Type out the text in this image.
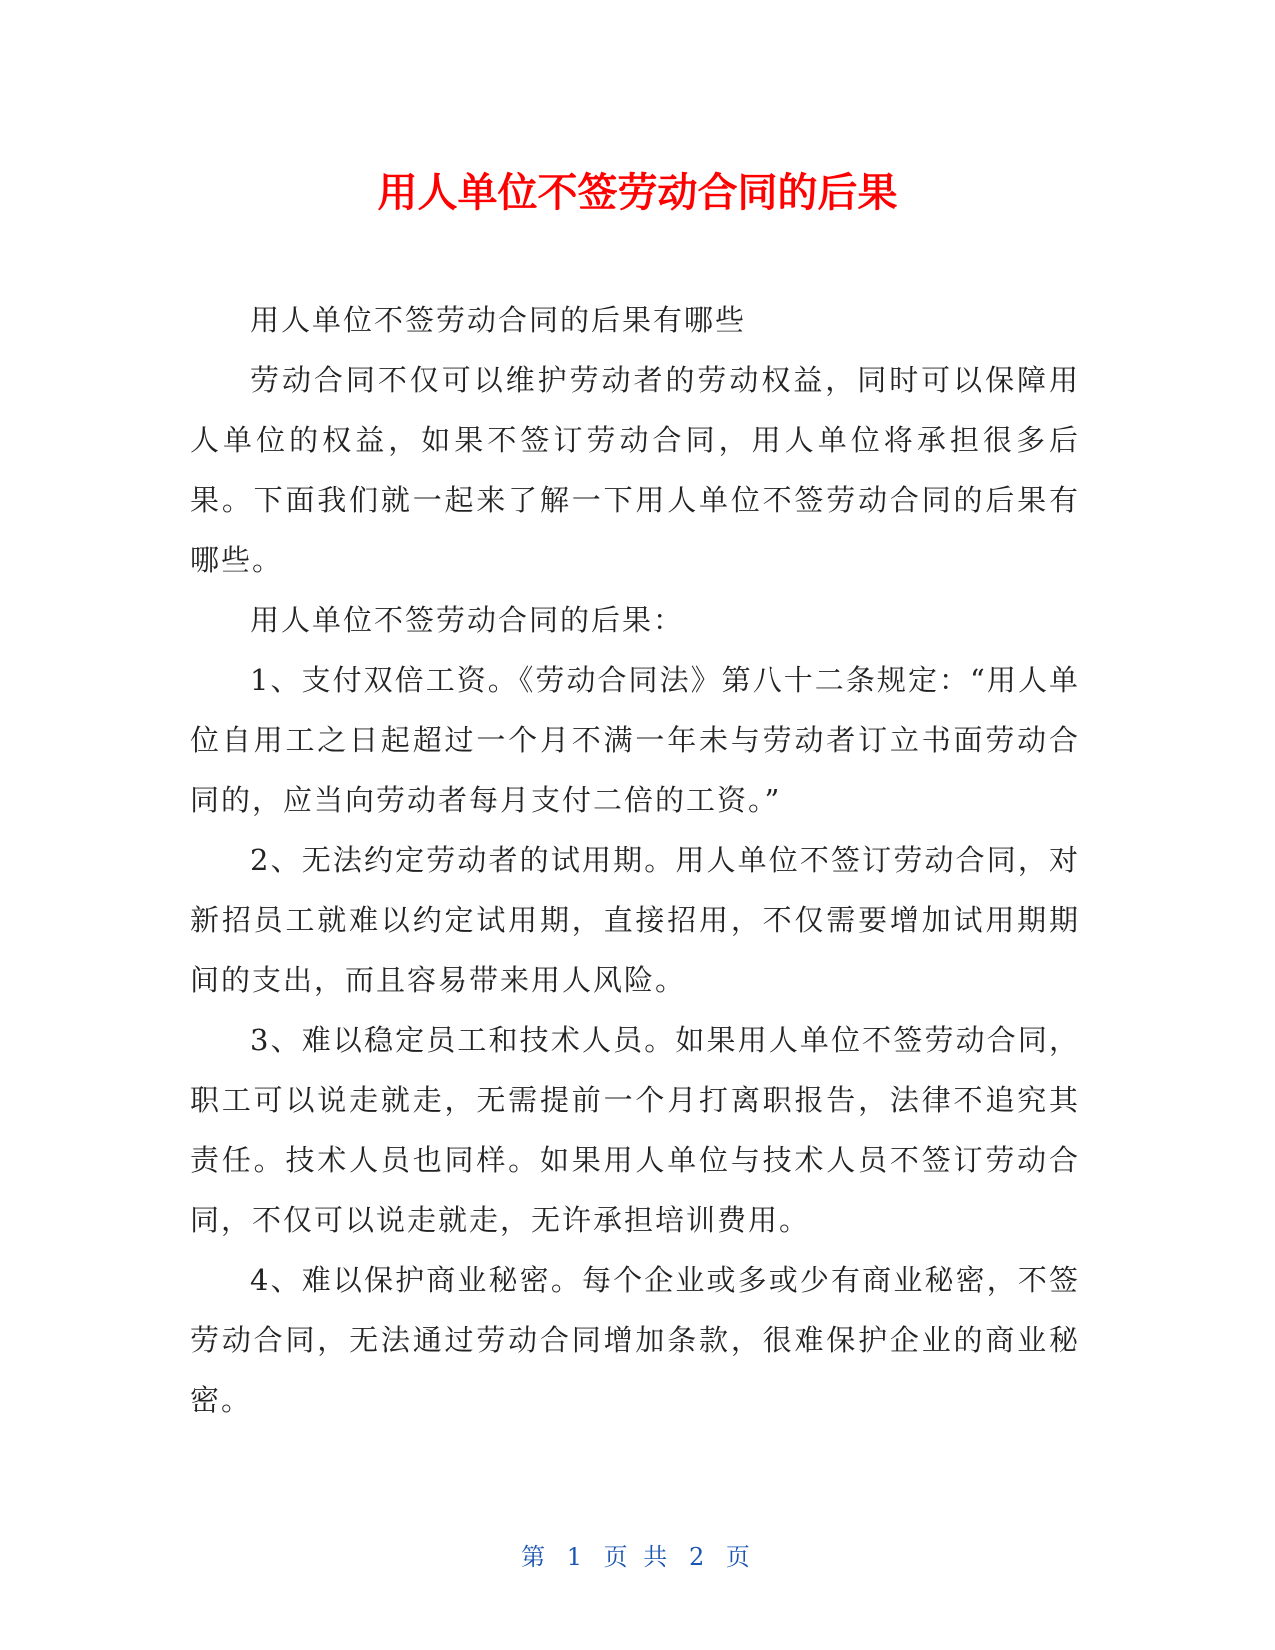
用人单位不签劳动合同的后果

用人单位不签劳动合同的后果有哪些

劳动合同不仅可以维护劳动者的劳动权益，同时可以保障用人单位的权益，如果不签订劳动合同，用人单位将承担很多后果。下面我们就一起来了解一下用人单位不签劳动合同的后果有哪些。

用人单位不签劳动合同的后果：

1、支付双倍工资。《劳动合同法》第八十二条规定：“用人单位自用工之日起超过一个月不满一年未与劳动者订立书面劳动合同的，应当向劳动者每月支付二倍的工资。”

2、无法约定劳动者的试用期。用人单位不签订劳动合同，对新招员工就难以约定试用期，直接招用，不仅需要增加试用期期间的支出，而且容易带来用人风险。

3、难以稳定员工和技术人员。如果用人单位不签劳动合同，职工可以说走就走，无需提前一个月打离职报告，法律不追究其责任。技术人员也同样。如果用人单位与技术人员不签订劳动合同，不仅可以说走就走，无许承担培训费用。

4、难以保护商业秘密。每个企业或多或少有商业秘密，不签劳动合同，无法通过劳动合同增加条款，很难保护企业的商业秘密。

第 1 页 共 2 页
